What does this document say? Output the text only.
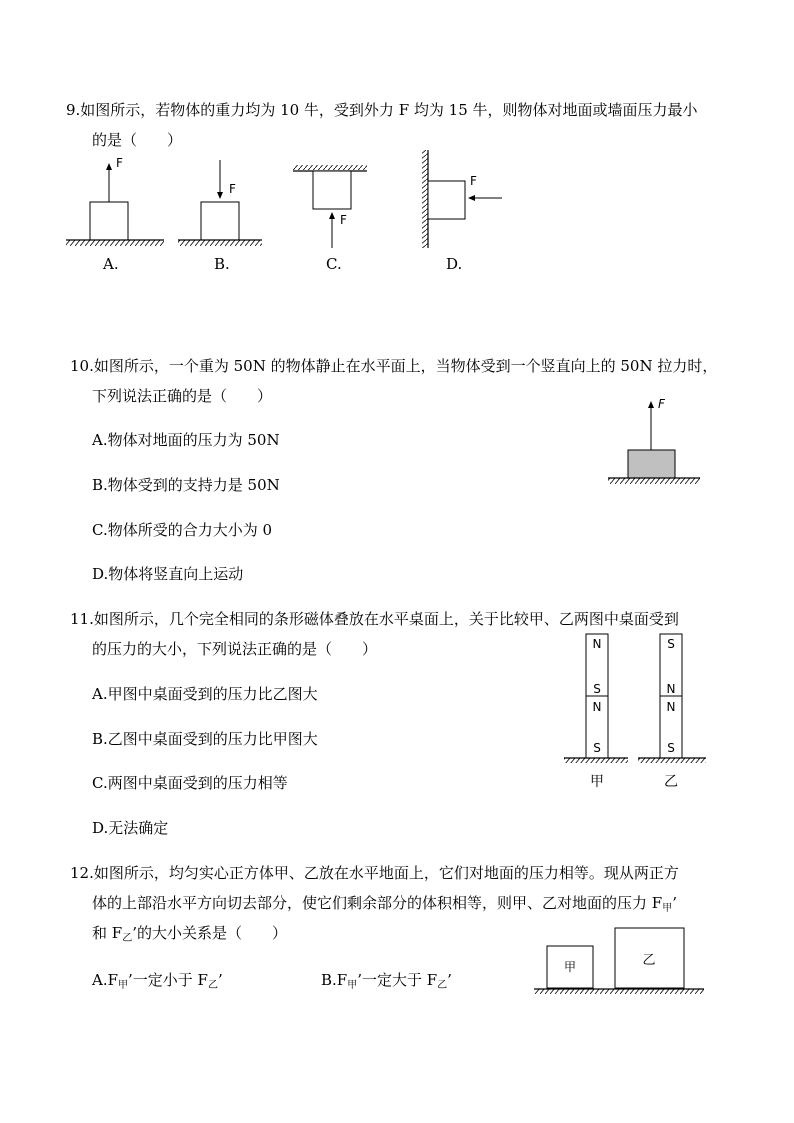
9.如图所示，若物体的重力均为 10 牛，受到外力 F 均为 15 牛，则物体对地面或墙面压力最小
的是（　　）
F
F
F
F
A.	B.	C.	D.
10.如图所示，一个重为 50N 的物体静止在水平面上，当物体受到一个竖直向上的 50N 拉力时，
下列说法正确的是（　　）	F
A.物体对地面的压力为 50N
B.物体受到的支持力是 50N
C.物体所受的合力大小为 0
D.物体将竖直向上运动
11.如图所示，几个完全相同的条形磁体叠放在水平桌面上，关于比较甲、乙两图中桌面受到
的压力的大小，下列说法正确的是（　　）	N
S
N
S
S
N
N
S
甲	乙
A.甲图中桌面受到的压力比乙图大
B.乙图中桌面受到的压力比甲图大
C.两图中桌面受到的压力相等
D.无法确定
12.如图所示，均匀实心正方体甲、乙放在水平地面上，它们对地面的压力相等。现从两正方
体的上部沿水平方向切去部分，使它们剩余部分的体积相等，则甲、乙对地面的压力 $F_甲$’
和 $F_乙$’的大小关系是（　　）
甲	乙
$A.F_甲$’一定小于 $F_乙$’	$B.F_甲$’一定大于 $F_乙$’
